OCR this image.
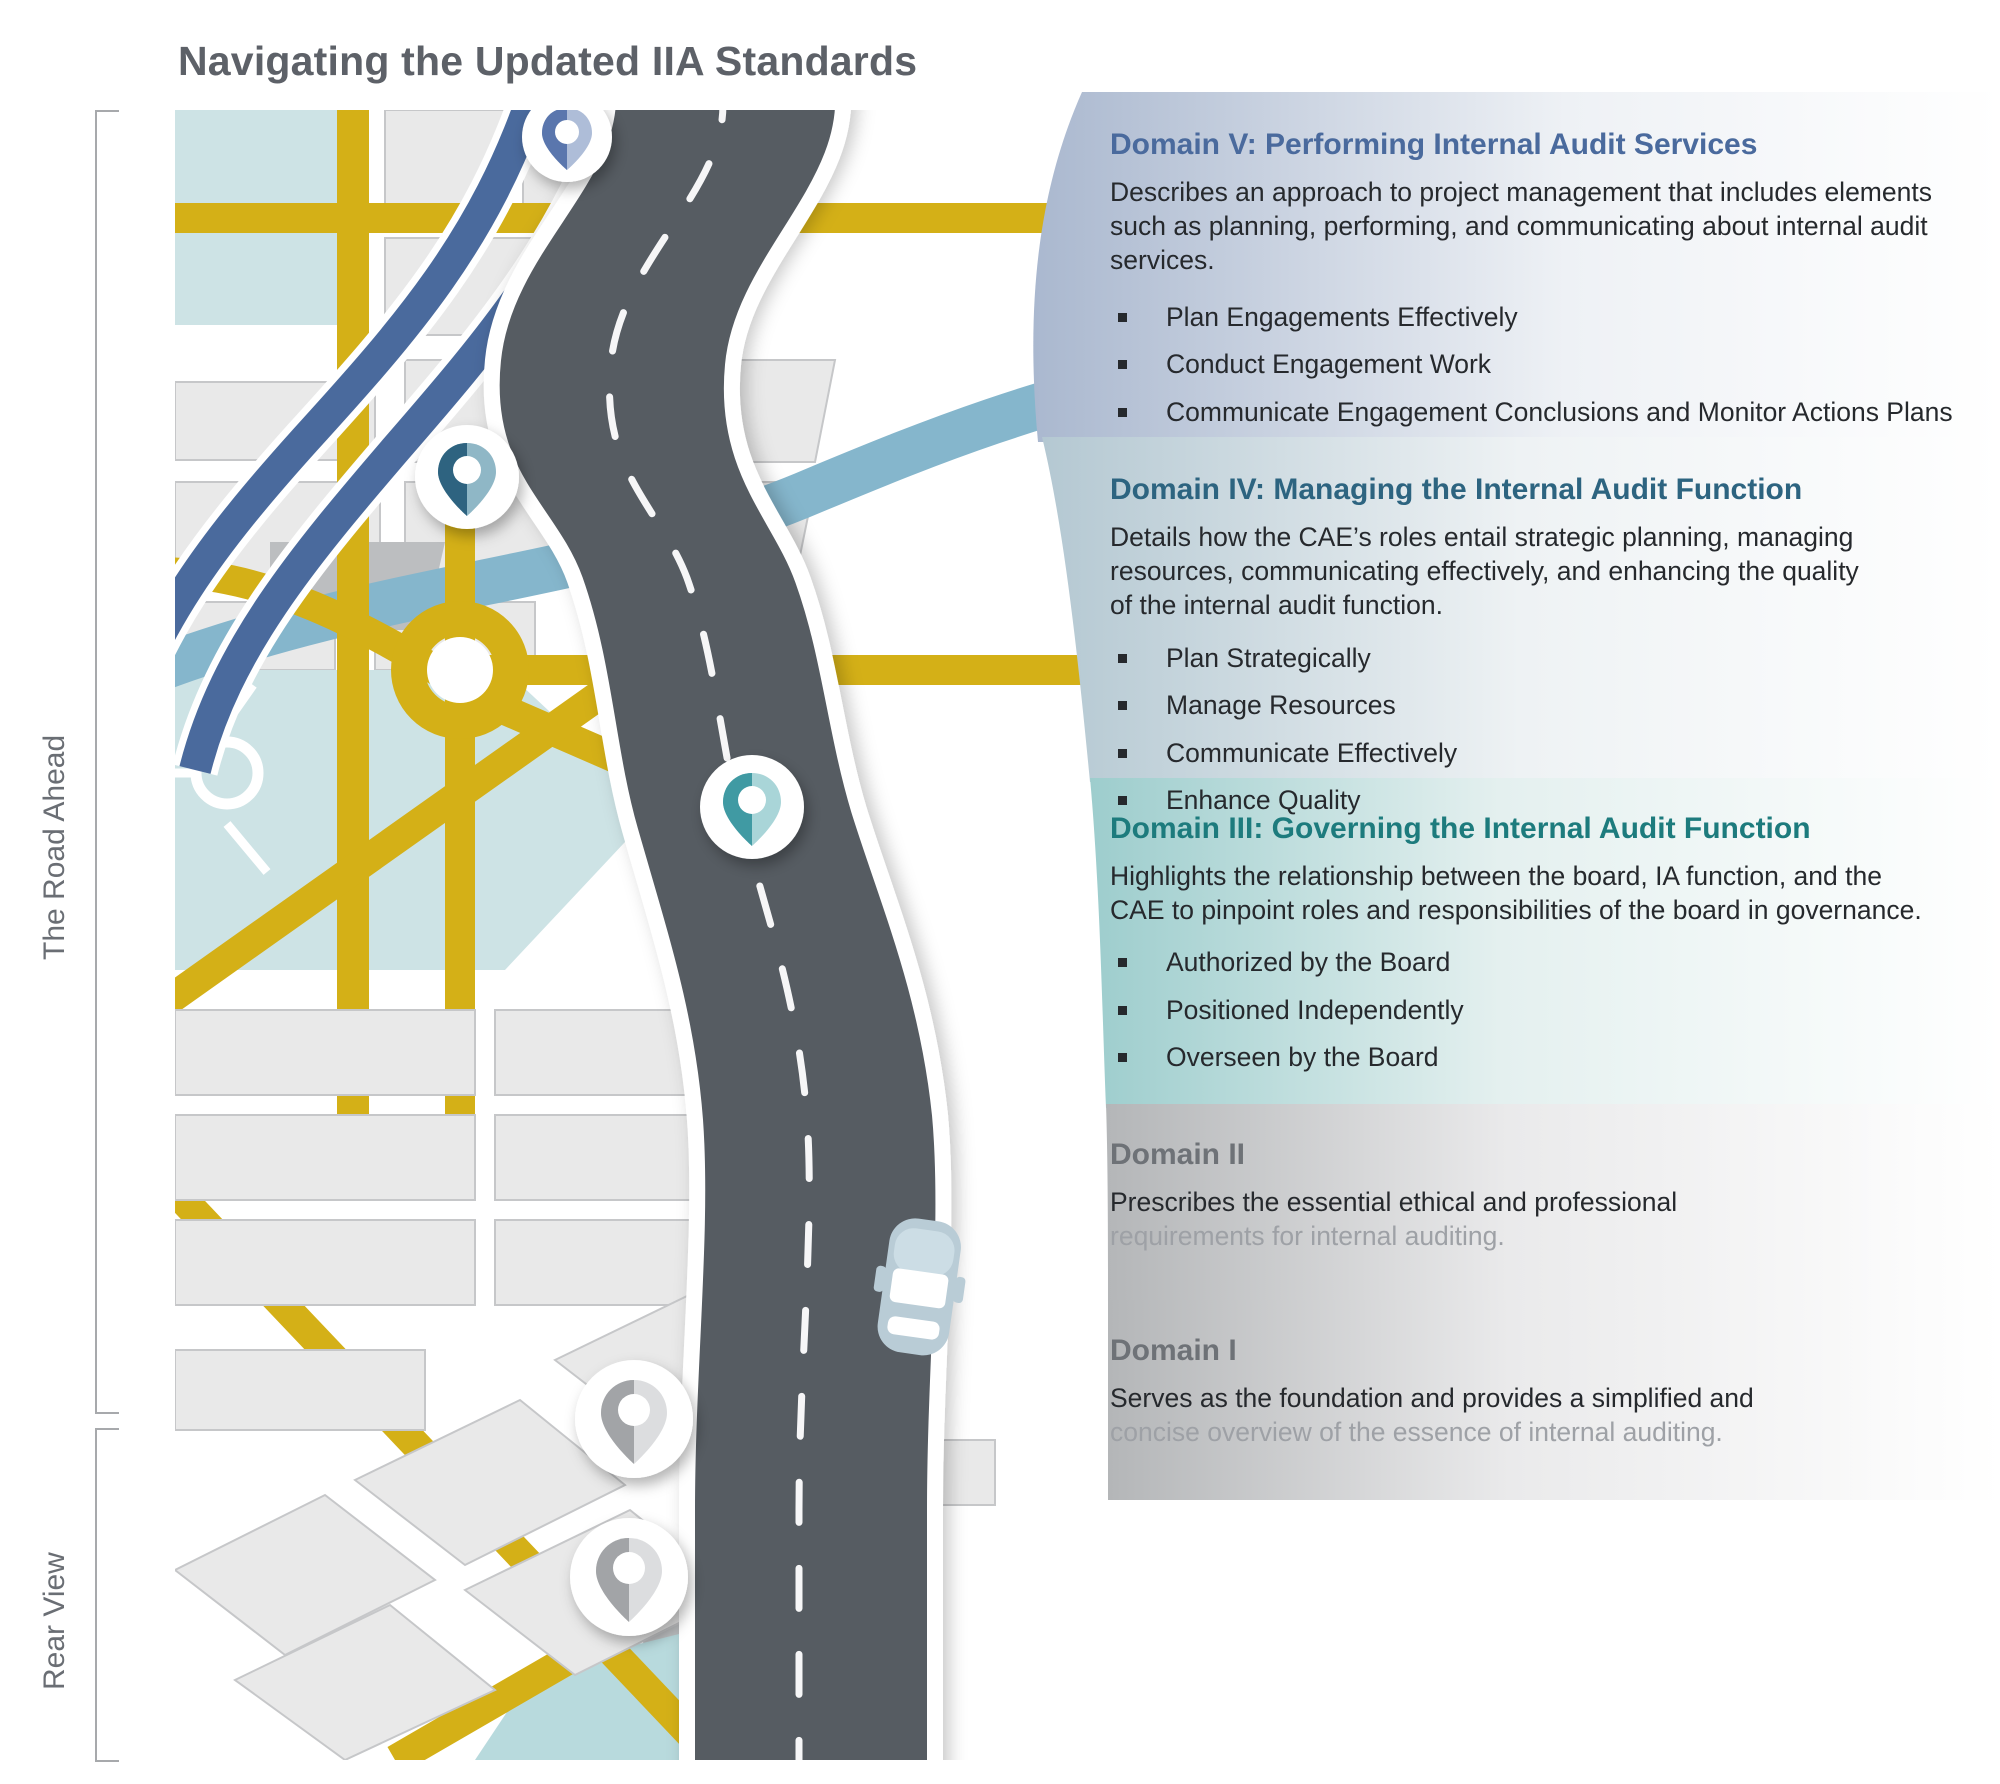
Navigating the Updated IIA Standards
The Road Ahead
Rear View
Domain V: Performing Internal Audit Services

Describes an approach to project management that includes elements such as planning, performing, and communicating about internal audit services.

Plan Engagements Effectively
Conduct Engagement Work
Communicate Engagement Conclusions and Monitor Actions Plans
Domain IV: Managing the Internal Audit Function

Details how the CAE’s roles entail strategic planning, managing resources, communicating effectively, and enhancing the quality of the internal audit function.

Plan Strategically
Manage Resources
Communicate Effectively
Enhance Quality
Domain III: Governing the Internal Audit Function

Highlights the relationship between the board, IA function, and the CAE to pinpoint roles and responsibilities of the board in governance.

Authorized by the Board
Positioned Independently
Overseen by the Board
Domain II

Prescribes the essential ethical and professional

requirements for internal auditing.

Domain I

Serves as the foundation and provides a simplified and

concise overview of the essence of internal auditing.
